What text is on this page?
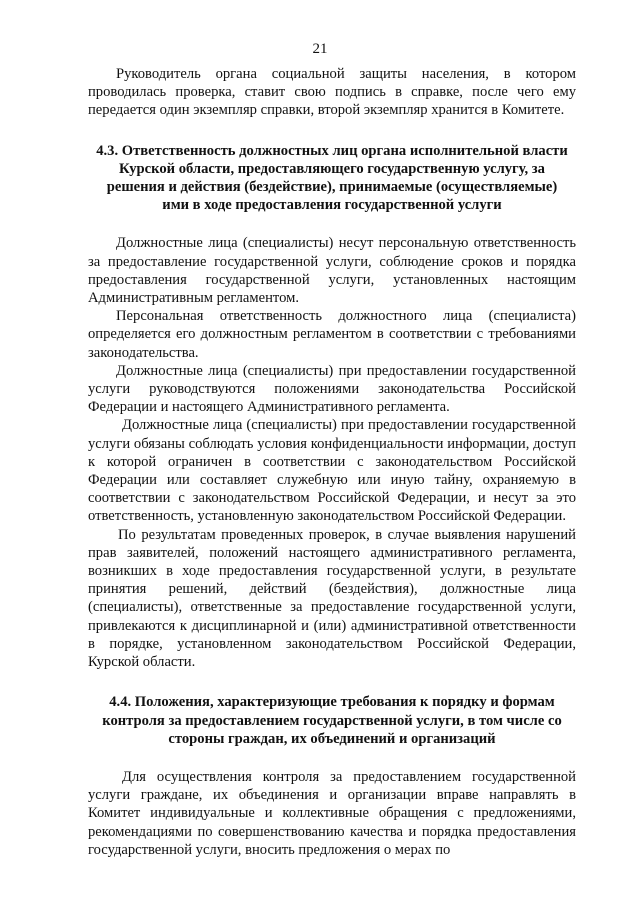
21

Руководитель органа социальной защиты населения, в котором проводилась проверка, ставит свою подпись в справке, после чего ему передается один экземпляр справки, второй экземпляр хранится в Комитете.

4.3. Ответственность должностных лиц органа исполнительной власти Курской области, предоставляющего государственную услугу, за решения и действия (бездействие), принимаемые (осуществляемые) ими в ходе предоставления государственной услуги

Должностные лица (специалисты) несут персональную ответственность за предоставление государственной услуги, соблюдение сроков и порядка предоставления государственной услуги, установленных настоящим Административным регламентом.

Персональная ответственность должностного лица (специалиста) определяется его должностным регламентом в соответствии с требованиями законодательства.

Должностные лица (специалисты) при предоставлении государственной услуги руководствуются положениями законодательства Российской Федерации и настоящего Административного регламента.

Должностные лица (специалисты) при предоставлении государственной услуги обязаны соблюдать условия конфиденциальности информации, доступ к которой ограничен в соответствии с законодательством Российской Федерации или составляет служебную или иную тайну, охраняемую в соответствии с законодательством Российской Федерации, и несут за это ответственность, установленную законодательством Российской Федерации.

По результатам проведенных проверок, в случае выявления нарушений прав заявителей, положений настоящего административного регламента, возникших в ходе предоставления государственной услуги, в результате принятия решений, действий (бездействия), должностные лица (специалисты), ответственные за предоставление государственной услуги, привлекаются к дисциплинарной и (или) административной ответственности в порядке, установленном законодательством Российской Федерации, Курской области.

4.4. Положения, характеризующие требования к порядку и формам контроля за предоставлением государственной услуги, в том числе со стороны граждан, их объединений и организаций

Для осуществления контроля за предоставлением государственной услуги граждане, их объединения и организации вправе направлять в Комитет индивидуальные и коллективные обращения с предложениями, рекомендациями по совершенствованию качества и порядка предоставления государственной услуги, вносить предложения о мерах по
